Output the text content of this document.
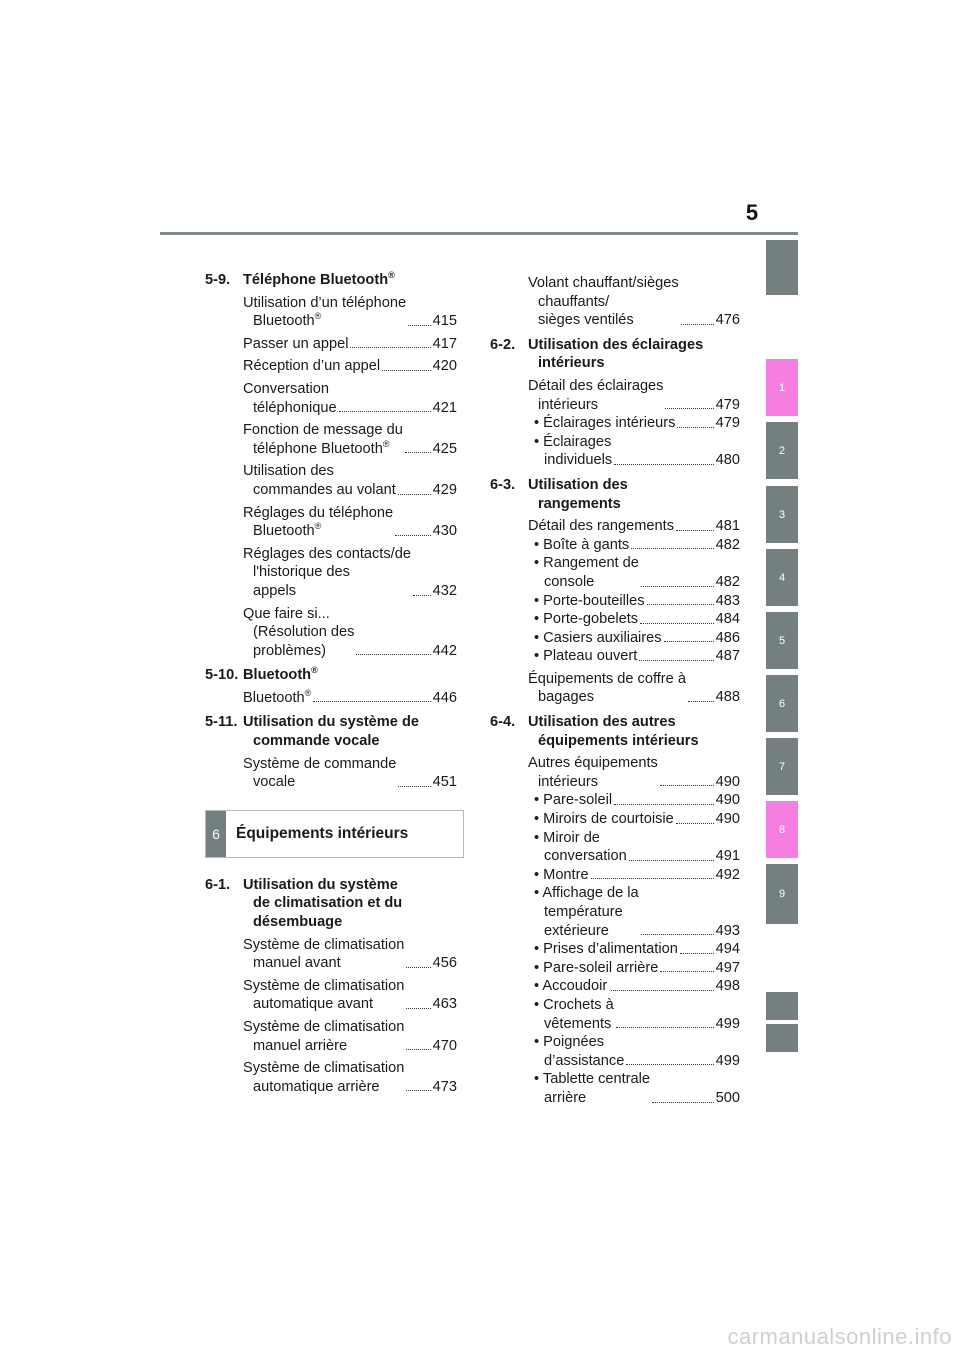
5
1
2
3
4
5
6
7
8
9
5-9. Téléphone Bluetooth®
Utilisation d’un téléphone
Bluetooth®	415
Passer un appel	417
Réception d’un appel	420
Conversation
téléphonique	421
Fonction de message du
téléphone Bluetooth®	425
Utilisation des
commandes au volant	429
Réglages du téléphone
Bluetooth®	430
Réglages des contacts/de
l'historique des
appels	432
Que faire si...
(Résolution des
problèmes)	442
5-10. Bluetooth®
Bluetooth®	446
5-11. Utilisation du système de
commande vocale
Système de commande
vocale	451
6	Équipements intérieurs
6-1. Utilisation du système
de climatisation et du
désembuage
Système de climatisation
manuel avant	456
Système de climatisation
automatique avant	463
Système de climatisation
manuel arrière	470
Système de climatisation
automatique arrière	473
Volant chauffant/sièges
chauffants/
sièges ventilés	476
6-2. Utilisation des éclairages
intérieurs
Détail des éclairages
intérieurs	479
• Éclairages intérieurs	479
• Éclairages
individuels	480
6-3. Utilisation des
rangements
Détail des rangements	481
• Boîte à gants	482
• Rangement de
console	482
• Porte-bouteilles	483
• Porte-gobelets	484
• Casiers auxiliaires	486
• Plateau ouvert	487
Équipements de coffre à
bagages	488
6-4. Utilisation des autres
équipements intérieurs
Autres équipements
intérieurs	490
• Pare-soleil	490
• Miroirs de courtoisie	490
• Miroir de
conversation	491
• Montre	492
• Affichage de la
température
extérieure	493
• Prises d’alimentation	494
• Pare-soleil arrière	497
• Accoudoir	498
• Crochets à
vêtements	499
• Poignées
d’assistance	499
• Tablette centrale
arrière	500
carmanualsonline.info
